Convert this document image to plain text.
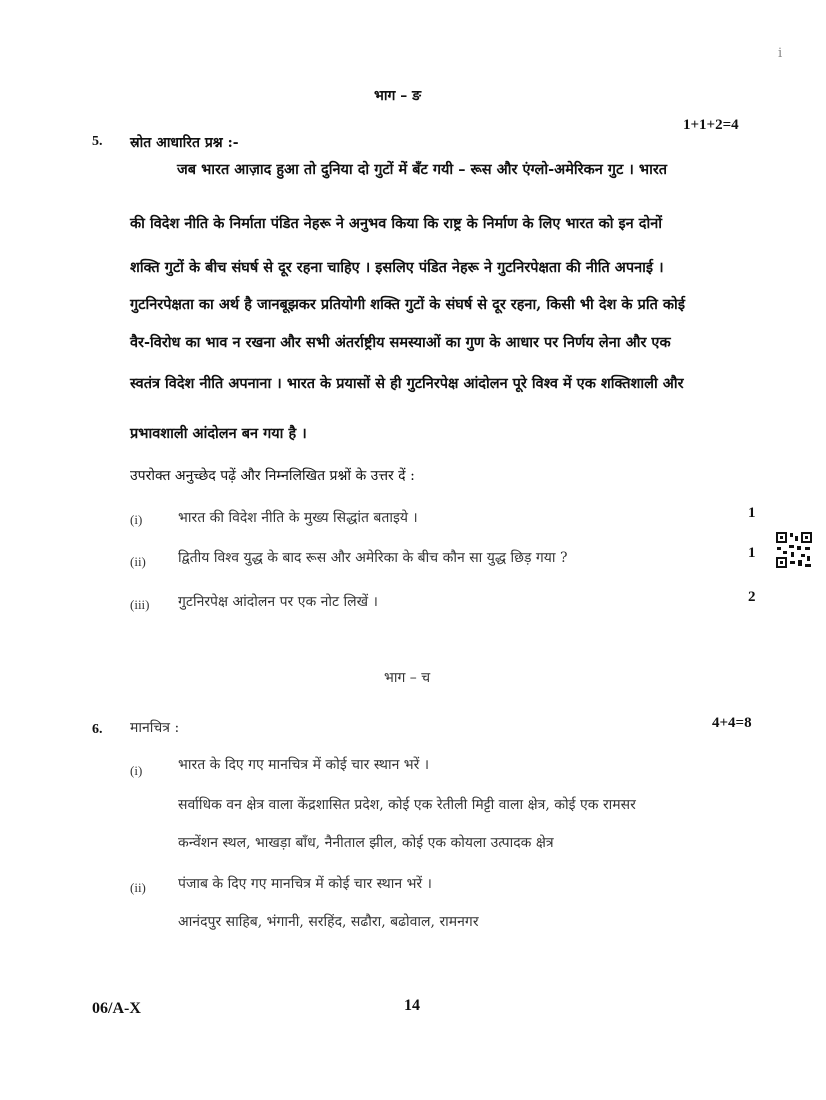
i
भाग – ङ
1+1+2=4
5. स्रोत आधारित प्रश्न :-
जब भारत आज़ाद हुआ तो दुनिया दो गुटों में बँट गयी – रूस और एंग्लो-अमेरिकन गुट । भारत
की विदेश नीति के निर्माता पंडित नेहरू ने अनुभव किया कि राष्ट्र के निर्माण के लिए भारत को इन दोनों
शक्ति गुटों के बीच संघर्ष से दूर रहना चाहिए । इसलिए पंडित नेहरू ने गुटनिरपेक्षता की नीति अपनाई ।
गुटनिरपेक्षता का अर्थ है जानबूझकर प्रतियोगी शक्ति गुटों के संघर्ष से दूर रहना, किसी भी देश के प्रति कोई
वैर-विरोध का भाव न रखना और सभी अंतर्राष्ट्रीय समस्याओं का गुण के आधार पर निर्णय लेना और एक
स्वतंत्र विदेश नीति अपनाना । भारत के प्रयासों से ही गुटनिरपेक्ष आंदोलन पूरे विश्व में एक शक्तिशाली और
प्रभावशाली आंदोलन बन गया है ।
उपरोक्त अनुच्छेद पढ़ें और निम्नलिखित प्रश्नों के उत्तर दें :
(i)	भारत की विदेश नीति के मुख्य सिद्धांत बताइये ।	1
(ii) द्वितीय विश्व युद्ध के बाद रूस और अमेरिका के बीच कौन सा युद्ध छिड़ गया ?	1
(iii) गुटनिरपेक्ष आंदोलन पर एक नोट लिखें ।	2
भाग – च
4+4=8
6. मानचित्र :
(i)	भारत के दिए गए मानचित्र में कोई चार स्थान भरें ।
सर्वाधिक वन क्षेत्र वाला केंद्रशासित प्रदेश, कोई एक रेतीली मिट्टी वाला क्षेत्र, कोई एक रामसर
कन्वेंशन स्थल, भाखड़ा बाँध, नैनीताल झील, कोई एक कोयला उत्पादक क्षेत्र
(ii) पंजाब के दिए गए मानचित्र में कोई चार स्थान भरें ।
आनंदपुर साहिब, भंगानी, सरहिंद, सढौरा, बढोवाल, रामनगर
06/A-X	14
